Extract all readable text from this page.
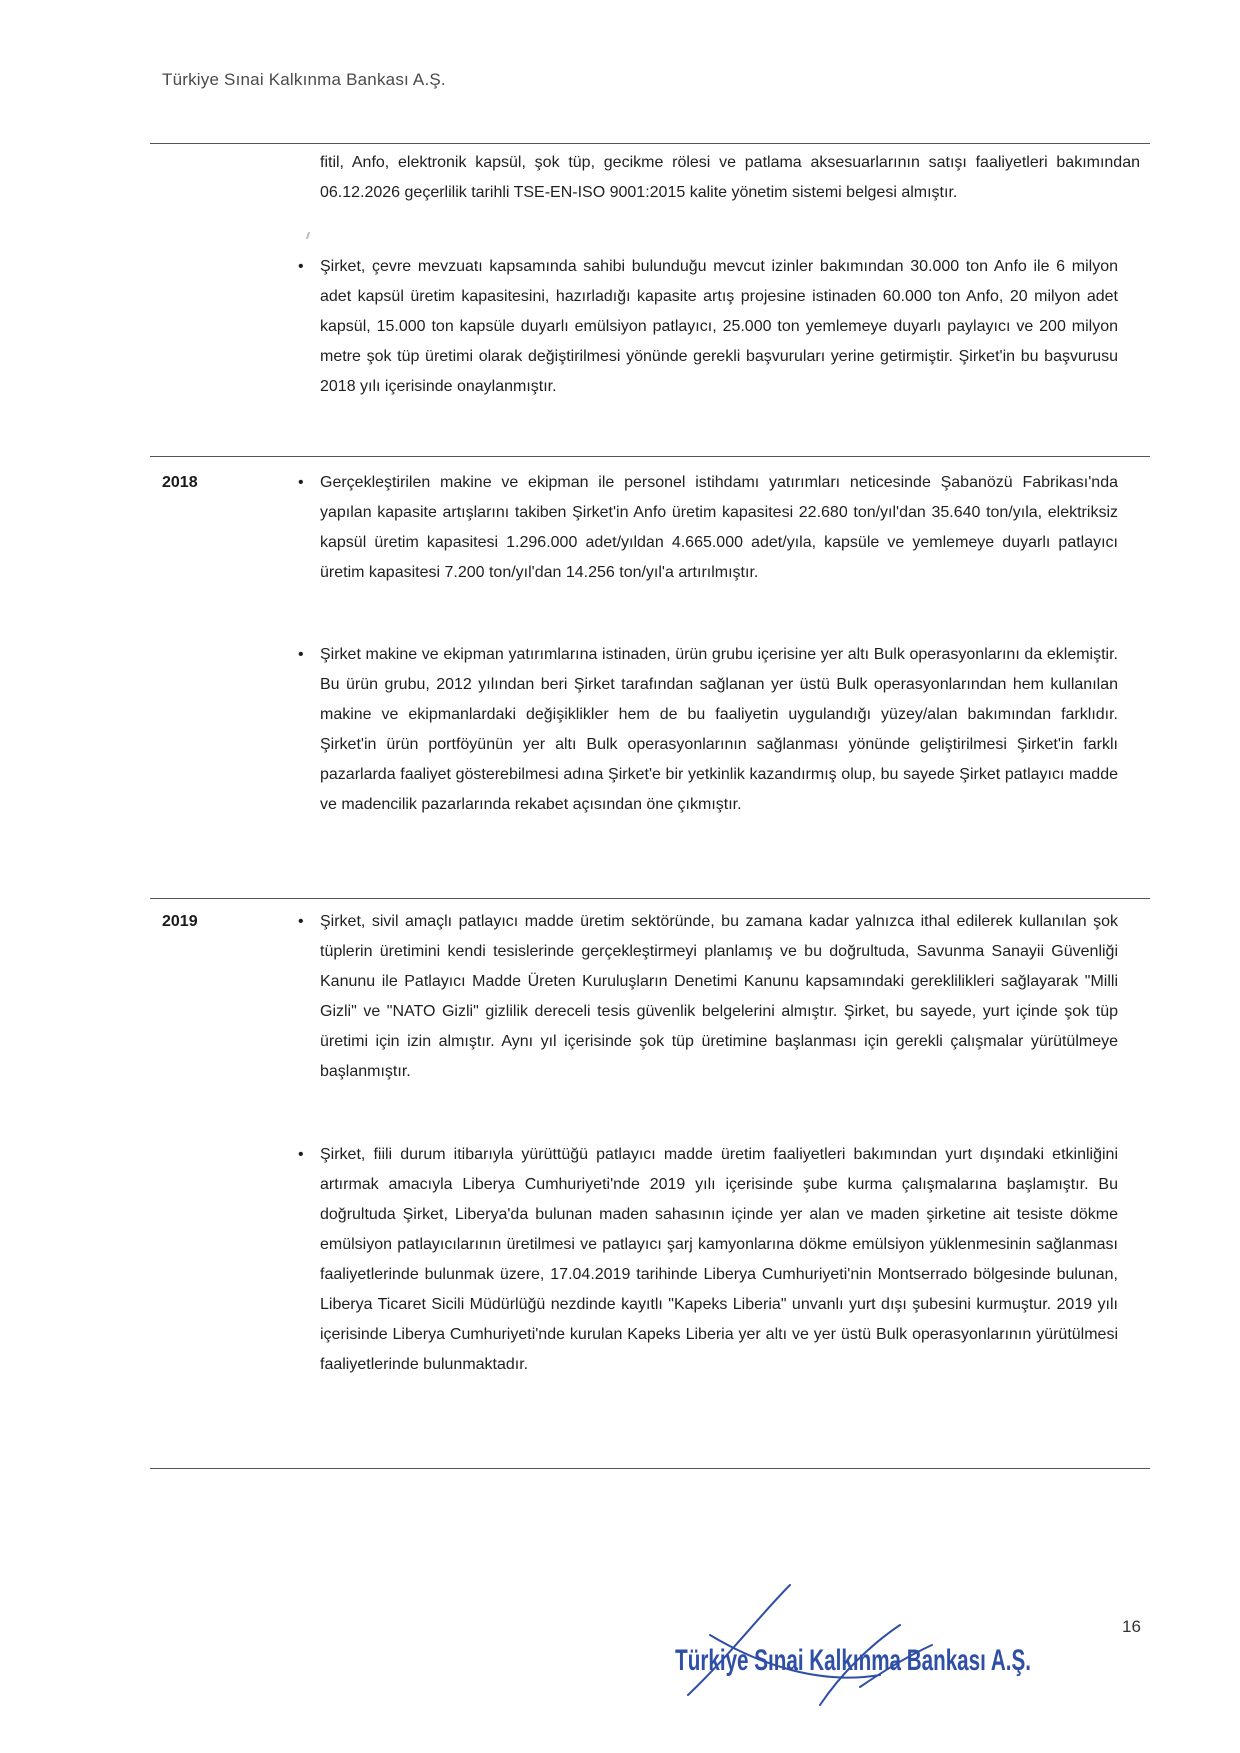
Türkiye Sınai Kalkınma Bankası A.Ş.

fitil, Anfo, elektronik kapsül, şok tüp, gecikme rölesi ve patlama aksesuarlarının satışı faaliyetleri bakımından 06.12.2026 geçerlilik tarihli TSE-EN-ISO 9001:2015 kalite yönetim sistemi belgesi almıştır.

•	Şirket, çevre mevzuatı kapsamında sahibi bulunduğu mevcut izinler bakımından 30.000 ton Anfo ile 6 milyon adet kapsül üretim kapasitesini, hazırladığı kapasite artış projesine istinaden 60.000 ton Anfo, 20 milyon adet kapsül, 15.000 ton kapsüle duyarlı emülsiyon patlayıcı, 25.000 ton yemlemeye duyarlı paylayıcı ve 200 milyon metre şok tüp üretimi olarak değiştirilmesi yönünde gerekli başvuruları yerine getirmiştir. Şirket'in bu başvurusu 2018 yılı içerisinde onaylanmıştır.
2018	•	Gerçekleştirilen makine ve ekipman ile personel istihdamı yatırımları neticesinde Şabanözü Fabrikası'nda yapılan kapasite artışlarını takiben Şirket'in Anfo üretim kapasitesi 22.680 ton/yıl'dan 35.640 ton/yıla, elektriksiz kapsül üretim kapasitesi 1.296.000 adet/yıldan 4.665.000 adet/yıla, kapsüle ve yemlemeye duyarlı patlayıcı üretim kapasitesi 7.200 ton/yıl'dan 14.256 ton/yıl'a artırılmıştır.
•	Şirket makine ve ekipman yatırımlarına istinaden, ürün grubu içerisine yer altı Bulk operasyonlarını da eklemiştir. Bu ürün grubu, 2012 yılından beri Şirket tarafından sağlanan yer üstü Bulk operasyonlarından hem kullanılan makine ve ekipmanlardaki değişiklikler hem de bu faaliyetin uygulandığı yüzey/alan bakımından farklıdır. Şirket'in ürün portföyünün yer altı Bulk operasyonlarının sağlanması yönünde geliştirilmesi Şirket'in farklı pazarlarda faaliyet gösterebilmesi adına Şirket'e bir yetkinlik kazandırmış olup, bu sayede Şirket patlayıcı madde ve madencilik pazarlarında rekabet açısından öne çıkmıştır.
2019	•	Şirket, sivil amaçlı patlayıcı madde üretim sektöründe, bu zamana kadar yalnızca ithal edilerek kullanılan şok tüplerin üretimini kendi tesislerinde gerçekleştirmeyi planlamış ve bu doğrultuda, Savunma Sanayii Güvenliği Kanunu ile Patlayıcı Madde Üreten Kuruluşların Denetimi Kanunu kapsamındaki gereklilikleri sağlayarak "Milli Gizli" ve "NATO Gizli" gizlilik dereceli tesis güvenlik belgelerini almıştır. Şirket, bu sayede, yurt içinde şok tüp üretimi için izin almıştır. Aynı yıl içerisinde şok tüp üretimine başlanması için gerekli çalışmalar yürütülmeye başlanmıştır.
•	Şirket, fiili durum itibarıyla yürüttüğü patlayıcı madde üretim faaliyetleri bakımından yurt dışındaki etkinliğini artırmak amacıyla Liberya Cumhuriyeti'nde 2019 yılı içerisinde şube kurma çalışmalarına başlamıştır. Bu doğrultuda Şirket, Liberya'da bulunan maden sahasının içinde yer alan ve maden şirketine ait tesiste dökme emülsiyon patlayıcılarının üretilmesi ve patlayıcı şarj kamyonlarına dökme emülsiyon yüklenmesinin sağlanması faaliyetlerinde bulunmak üzere, 17.04.2019 tarihinde Liberya Cumhuriyeti'nin Montserrado bölgesinde bulunan, Liberya Ticaret Sicili Müdürlüğü nezdinde kayıtlı "Kapeks Liberia" unvanlı yurt dışı şubesini kurmuştur. 2019 yılı içerisinde Liberya Cumhuriyeti'nde kurulan Kapeks Liberia yer altı ve yer üstü Bulk operasyonlarının yürütülmesi faaliyetlerinde bulunmaktadır.
Türkiye Sınai Kalkınma Bankası A.Ş.
16
